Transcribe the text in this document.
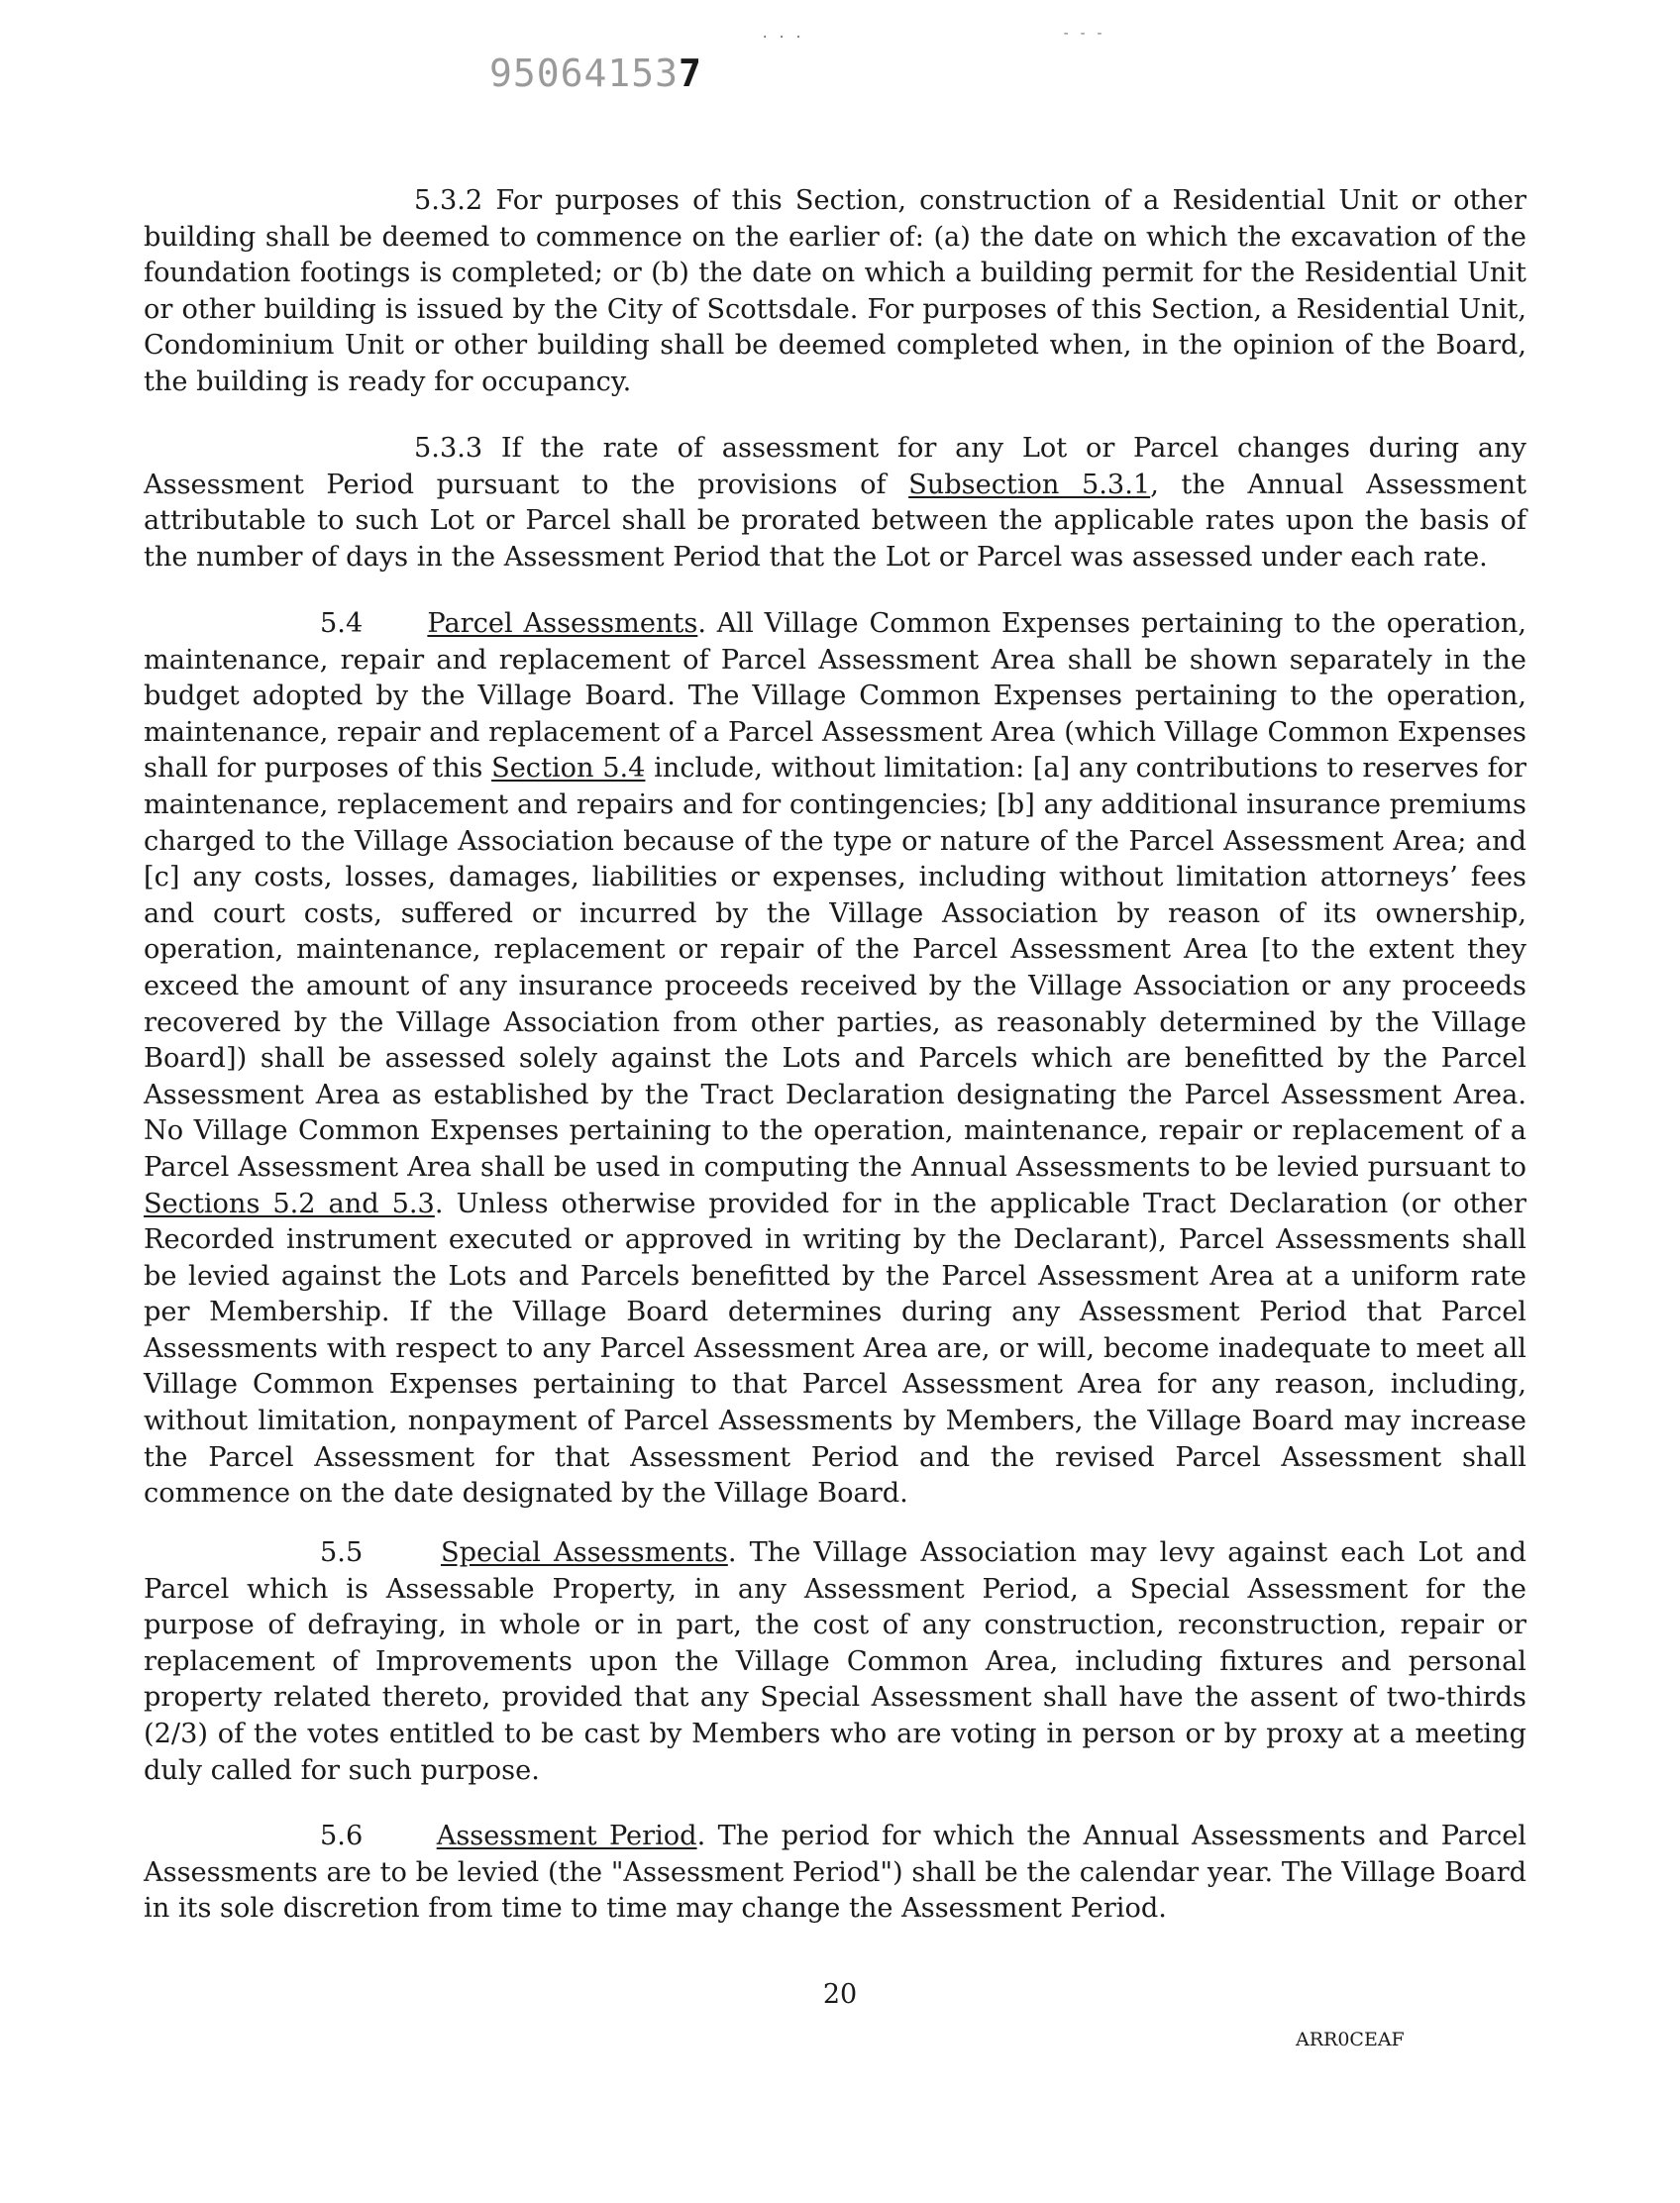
. . .	- - -
950641537

5.3.2 For purposes of this Section, construction of a Residential Unit or other building shall be deemed to commence on the earlier of: (a) the date on which the excavation of the foundation footings is completed; or (b) the date on which a building permit for the Residential Unit or other building is issued by the City of Scottsdale. For purposes of this Section, a Residential Unit, Condominium Unit or other building shall be deemed completed when, in the opinion of the Board, the building is ready for occupancy.

5.3.3 If the rate of assessment for any Lot or Parcel changes during any Assessment Period pursuant to the provisions of Subsection 5.3.1, the Annual Assessment attributable to such Lot or Parcel shall be prorated between the applicable rates upon the basis of the number of days in the Assessment Period that the Lot or Parcel was assessed under each rate.

5.4 Parcel Assessments. All Village Common Expenses pertaining to the operation, maintenance, repair and replacement of Parcel Assessment Area shall be shown separately in the budget adopted by the Village Board. The Village Common Expenses pertaining to the operation, maintenance, repair and replacement of a Parcel Assessment Area (which Village Common Expenses shall for purposes of this Section 5.4 include, without limitation: [a] any contributions to reserves for maintenance, replacement and repairs and for contingencies; [b] any additional insurance premiums charged to the Village Association because of the type or nature of the Parcel Assessment Area; and [c] any costs, losses, damages, liabilities or expenses, including without limitation attorneys’ fees and court costs, suffered or incurred by the Village Association by reason of its ownership, operation, maintenance, replacement or repair of the Parcel Assessment Area [to the extent they exceed the amount of any insurance proceeds received by the Village Association or any proceeds recovered by the Village Association from other parties, as reasonably determined by the Village Board]) shall be assessed solely against the Lots and Parcels which are benefitted by the Parcel Assessment Area as established by the Tract Declaration designating the Parcel Assessment Area. No Village Common Expenses pertaining to the operation, maintenance, repair or replacement of a Parcel Assessment Area shall be used in computing the Annual Assessments to be levied pursuant to Sections 5.2 and 5.3. Unless otherwise provided for in the applicable Tract Declaration (or other Recorded instrument executed or approved in writing by the Declarant), Parcel Assessments shall be levied against the Lots and Parcels benefitted by the Parcel Assessment Area at a uniform rate per Membership. If the Village Board determines during any Assessment Period that Parcel Assessments with respect to any Parcel Assessment Area are, or will, become inadequate to meet all Village Common Expenses pertaining to that Parcel Assessment Area for any reason, including, without limitation, nonpayment of Parcel Assessments by Members, the Village Board may increase the Parcel Assessment for that Assessment Period and the revised Parcel Assessment shall commence on the date designated by the Village Board.

5.5	Special Assessments. The Village Association may levy against each Lot and Parcel which is Assessable Property, in any Assessment Period, a Special Assessment for the purpose of defraying, in whole or in part, the cost of any construction, reconstruction, repair or replacement of Improvements upon the Village Common Area, including fixtures and personal property related thereto, provided that any Special Assessment shall have the assent of two-thirds (2/3) of the votes entitled to be cast by Members who are voting in person or by proxy at a meeting duly called for such purpose.

5.6	Assessment Period. The period for which the Annual Assessments and Parcel Assessments are to be levied (the "Assessment Period") shall be the calendar year. The Village Board in its sole discretion from time to time may change the Assessment Period.

20

ARR0CEAF
